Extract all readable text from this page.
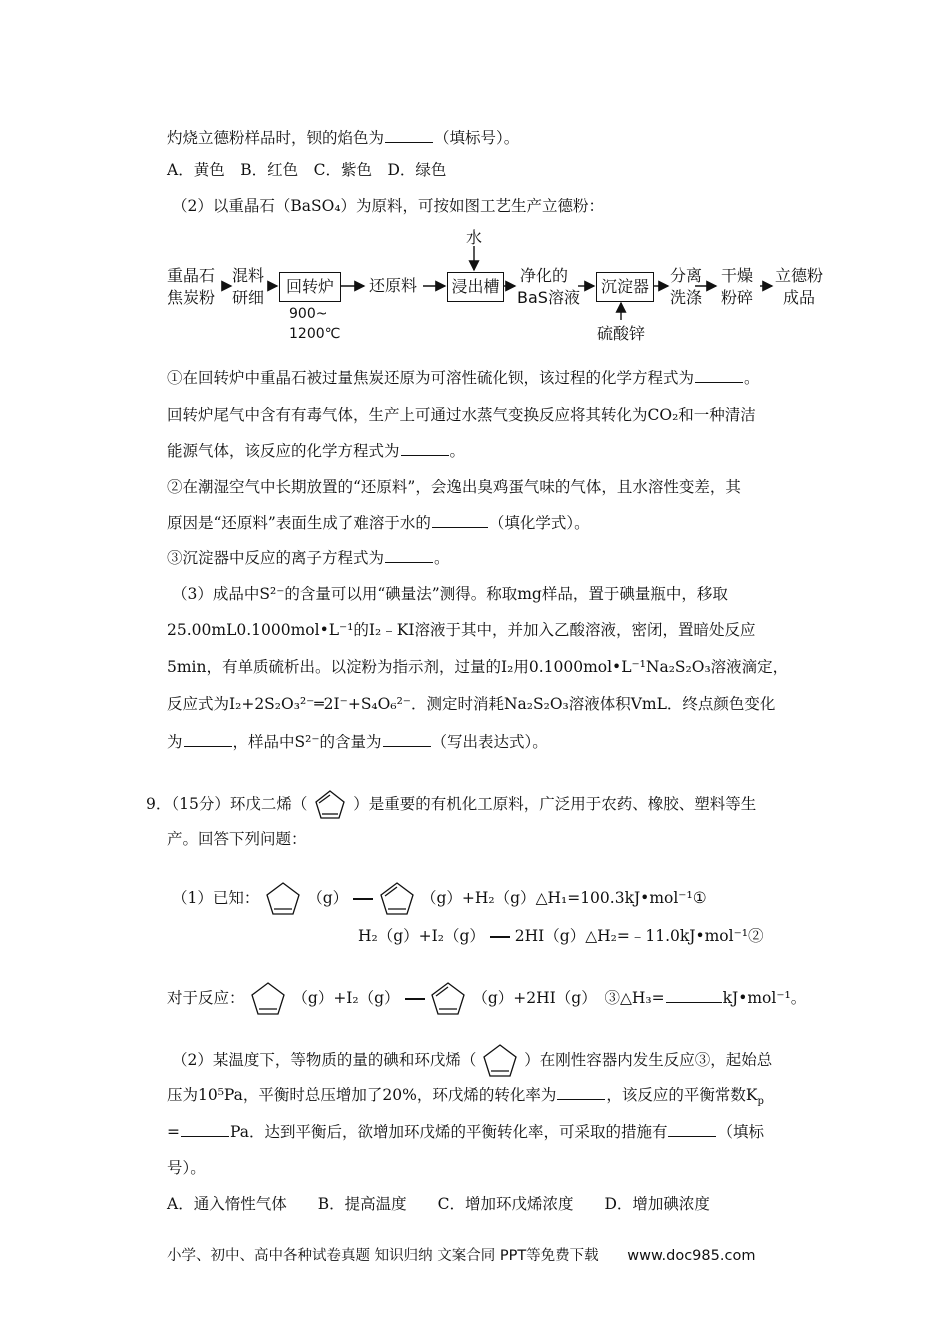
灼烧立德粉样品时，钡的焰色为	（填标号）。
A．黄色　B．红色　C．紫色　D．绿色
（2）以重晶石（BaSO₄）为原料，可按如图工艺生产立德粉：
重晶石
焦炭粉
混料
研细
回转炉
900~
1200℃
还原料
水
浸出槽
净化的
BaS溶液
沉淀器
硫酸锌
分离
洗涤
干燥
粉碎
立德粉
成品
①在回转炉中重晶石被过量焦炭还原为可溶性硫化钡，该过程的化学方程式为	。
回转炉尾气中含有有毒气体，生产上可通过水蒸气变换反应将其转化为CO₂和一种清洁
能源气体，该反应的化学方程式为	。
②在潮湿空气中长期放置的“还原料”，会逸出臭鸡蛋气味的气体，且水溶性变差，其
原因是“还原料”表面生成了难溶于水的	（填化学式）。
③沉淀器中反应的离子方程式为	。
（3）成品中S²⁻的含量可以用“碘量法”测得。称取mg样品，置于碘量瓶中，移取
25.00mL0.1000mol•L⁻¹的I₂﹣KI溶液于其中，并加入乙酸溶液，密闭，置暗处反应
5min，有单质硫析出。以淀粉为指示剂，过量的I₂用0.1000mol•L⁻¹Na₂S₂O₃溶液滴定，
反应式为I₂+2S₂O₃²⁻═2I⁻+S₄O₆²⁻．测定时消耗Na₂S₂O₃溶液体积VmL．终点颜色变化
为	，样品中S²⁻的含量为	（写出表达式）。
9．（15分）环戊二烯（	）是重要的有机化工原料，广泛用于农药、橡胶、塑料等生
产。回答下列问题：
（1）已知：	（g）	（g）+H₂（g）△H₁=100.3kJ•mol⁻¹①
H₂（g）+I₂（g） 2HI（g）△H₂=﹣11.0kJ•mol⁻¹②
对于反应：	（g）+I₂（g）	（g）+2HI（g）　③△H₃=	kJ•mol⁻¹。
（2）某温度下，等物质的量的碘和环戊烯（	）在刚性容器内发生反应③，起始总
压为10⁵Pa，平衡时总压增加了20%，环戊烯的转化率为	，该反应的平衡常数$K_p$
=	Pa．达到平衡后，欲增加环戊烯的平衡转化率，可采取的措施有	（填标
号）。
A．通入惰性气体　　B．提高温度　　C．增加环戊烯浓度　　D．增加碘浓度
小学、初中、高中各种试卷真题 知识归纳 文案合同 PPT等免费下载 www.doc985.com
